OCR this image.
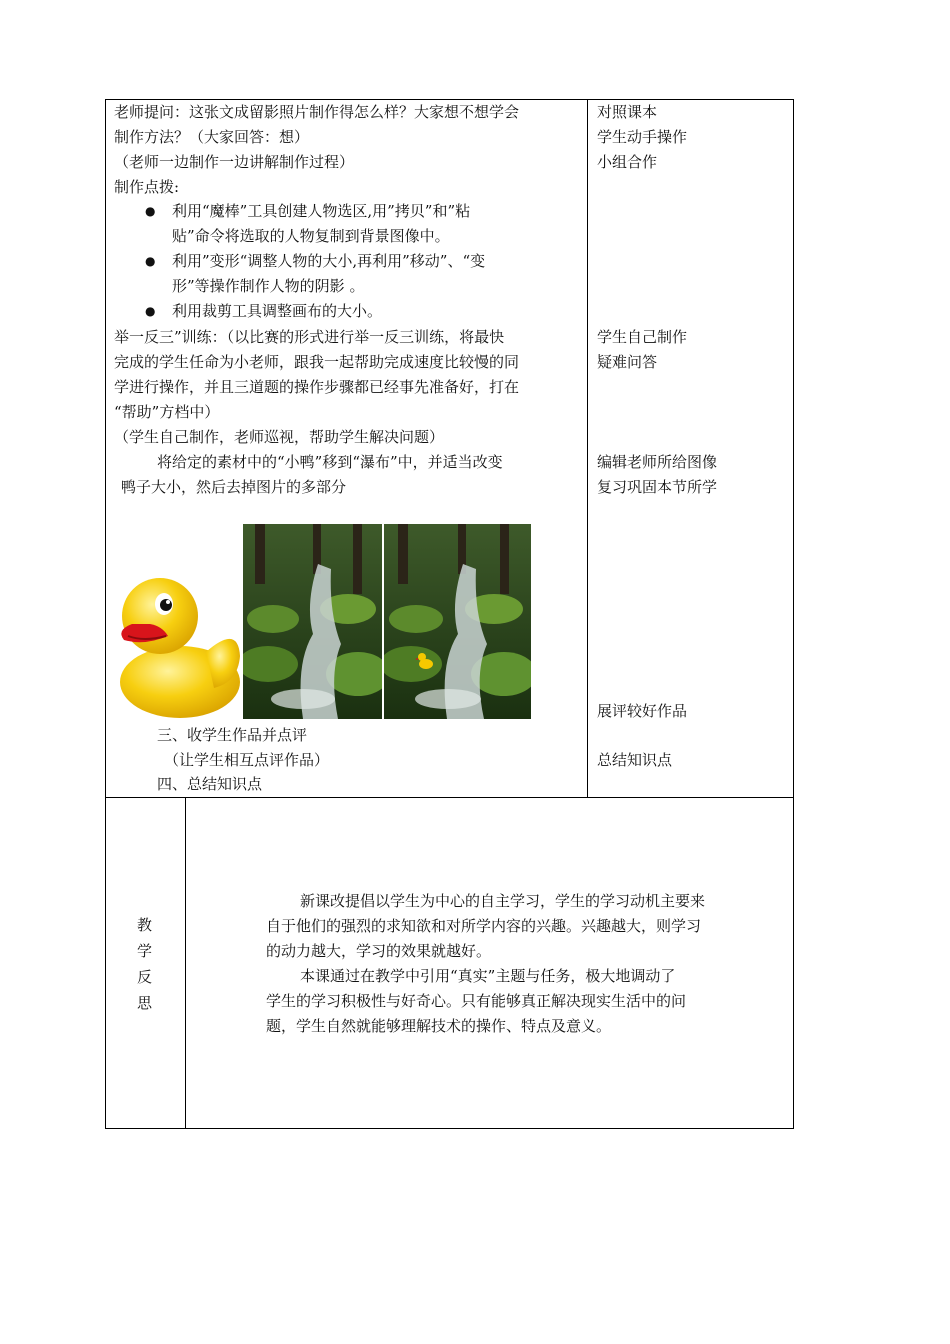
老师提问：这张文成留影照片制作得怎么样？大家想不想学会
制作方法？（大家回答：想）
（老师一边制作一边讲解制作过程）
制作点拨:
● 利用“魔棒”工具创建人物选区,用”拷贝”和”粘
贴”命令将选取的人物复制到背景图像中。
● 利用”变形“调整人物的大小,再利用”移动”、“变
形”等操作制作人物的阴影 。
● 利用裁剪工具调整画布的大小。
举一反三”训练：（以比赛的形式进行举一反三训练，将最快
完成的学生任命为小老师，跟我一起帮助完成速度比较慢的同
学进行操作，并且三道题的操作步骤都已经事先准备好，打在
“帮助”方档中）
（学生自己制作，老师巡视，帮助学生解决问题）
将给定的素材中的“小鸭”移到“瀑布”中，并适当改变
鸭子大小，然后去掉图片的多部分
三、收学生作品并点评
（让学生相互点评作品）
四、总结知识点
对照课本
学生动手操作
小组合作
学生自己制作
疑难问答
编辑老师所给图像
复习巩固本节所学
展评较好作品
总结知识点
教
学
反
思
新课改提倡以学生为中心的自主学习，学生的学习动机主要来
自于他们的强烈的求知欲和对所学内容的兴趣。兴趣越大，则学习
的动力越大，学习的效果就越好。
本课通过在教学中引用“真实”主题与任务，极大地调动了
学生的学习积极性与好奇心。只有能够真正解决现实生活中的问
题，学生自然就能够理解技术的操作、特点及意义。
